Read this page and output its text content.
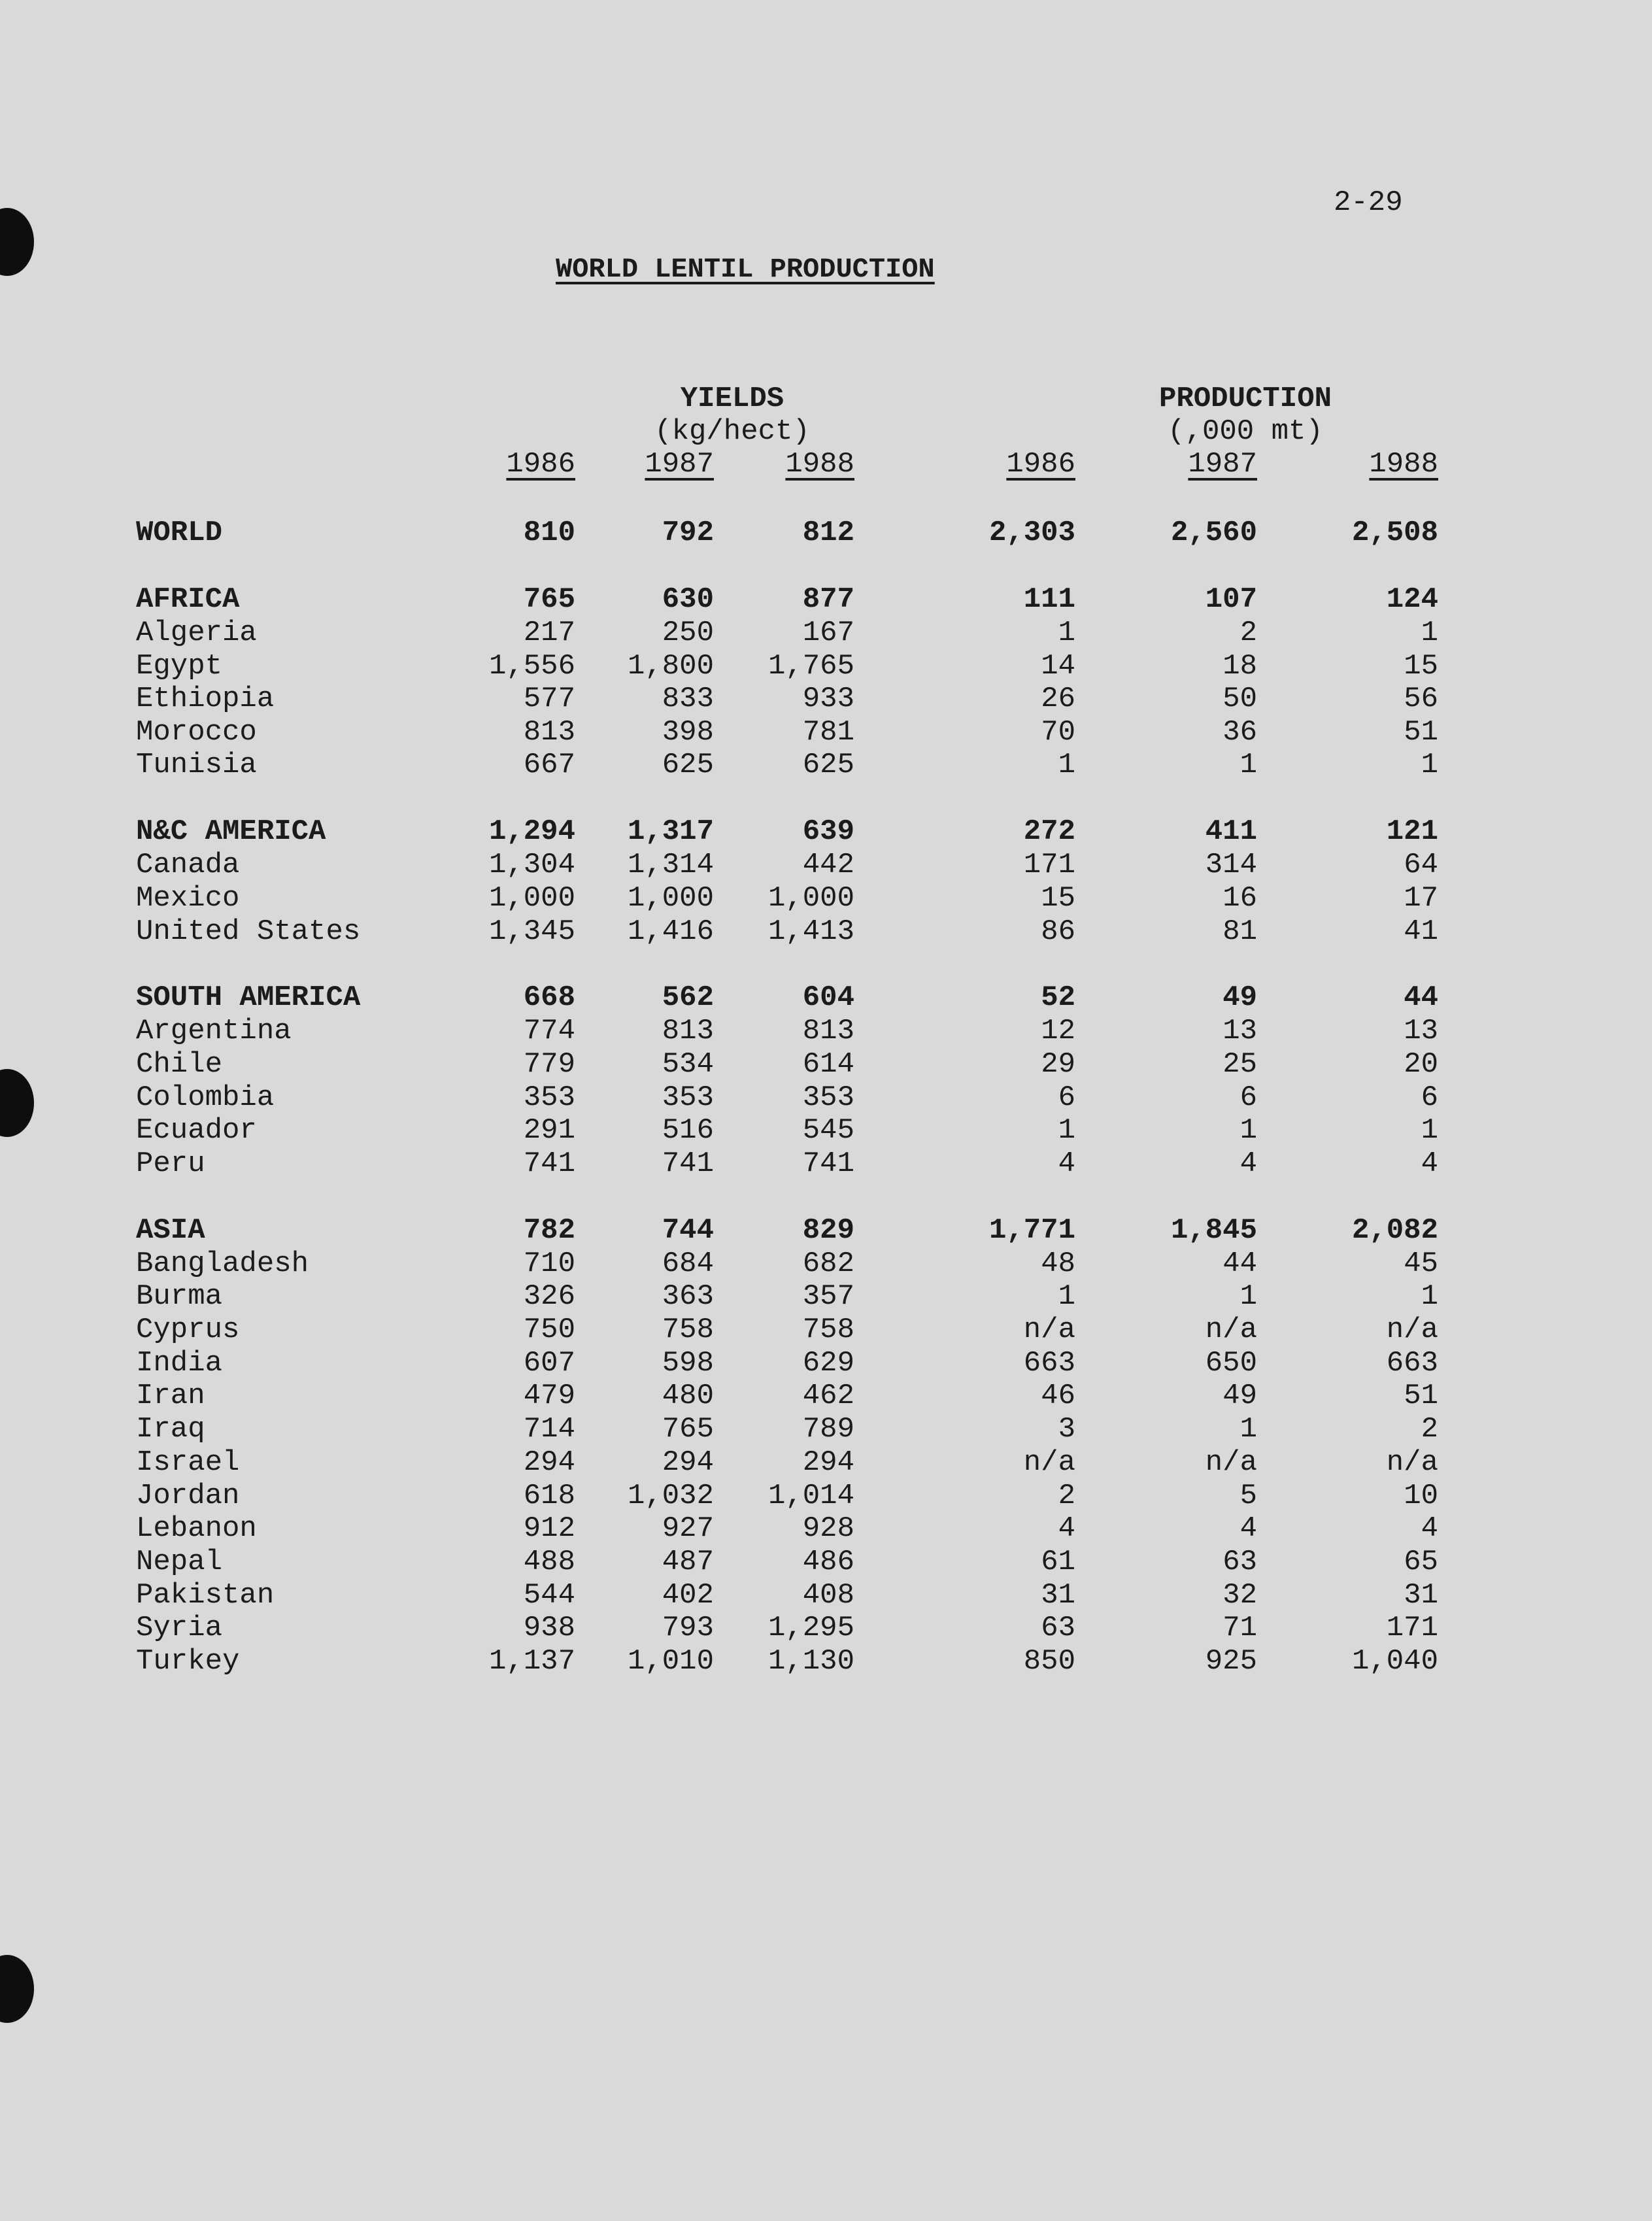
2-29
WORLD LENTIL PRODUCTION
YIELDS
(kg/hect)
PRODUCTION
(,000 mt)
1986	1987	1988	1986	1987	1988
WORLD	810	792	812	2,303	2,560	2,508
AFRICA	765	630	877	111	107	124
Algeria	217	250	167	1	2	1
Egypt	1,556	1,800	1,765	14	18	15
Ethiopia	577	833	933	26	50	56
Morocco	813	398	781	70	36	51
Tunisia	667	625	625	1	1	1
N&C AMERICA	1,294	1,317	639	272	411	121
Canada	1,304	1,314	442	171	314	64
Mexico	1,000	1,000	1,000	15	16	17
United States	1,345	1,416	1,413	86	81	41
SOUTH AMERICA	668	562	604	52	49	44
Argentina	774	813	813	12	13	13
Chile	779	534	614	29	25	20
Colombia	353	353	353	6	6	6
Ecuador	291	516	545	1	1	1
Peru	741	741	741	4	4	4
ASIA	782	744	829	1,771	1,845	2,082
Bangladesh	710	684	682	48	44	45
Burma	326	363	357	1	1	1
Cyprus	750	758	758	n/a	n/a	n/a
India	607	598	629	663	650	663
Iran	479	480	462	46	49	51
Iraq	714	765	789	3	1	2
Israel	294	294	294	n/a	n/a	n/a
Jordan	618	1,032	1,014	2	5	10
Lebanon	912	927	928	4	4	4
Nepal	488	487	486	61	63	65
Pakistan	544	402	408	31	32	31
Syria	938	793	1,295	63	71	171
Turkey	1,137	1,010	1,130	850	925	1,040
